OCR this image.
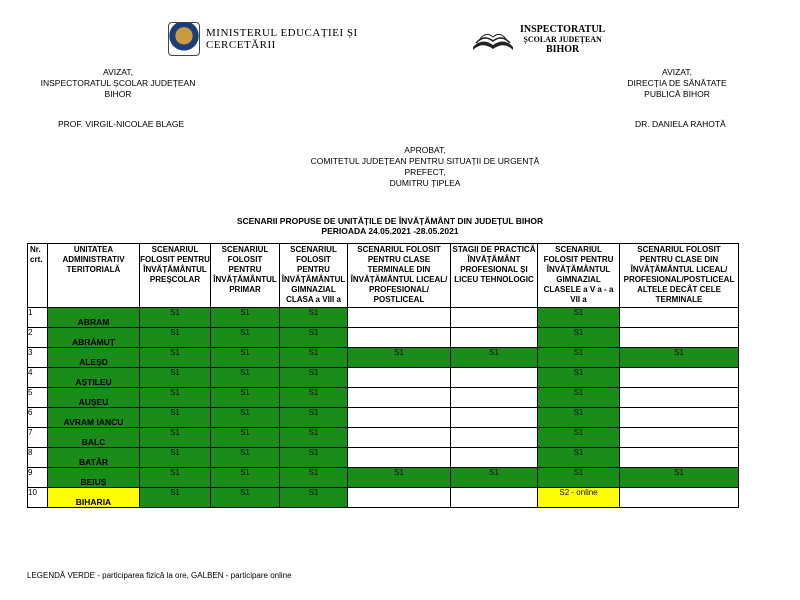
MINISTERUL EDUCAȚIEI ȘI CERCETĂRII
INSPECTORATUL
ȘCOLAR JUDEȚEAN
BIHOR
AVIZAT,
INSPECTORATUL ȘCOLAR JUDEȚEAN BIHOR
PROF. VIRGIL-NICOLAE BLAGE
AVIZAT,
DIRECȚIA DE SĂNĂTATE
PUBLICĂ BIHOR
DR. DANIELA RAHOTĂ
APROBAT,
COMITETUL JUDEȚEAN PENTRU SITUAȚII DE URGENȚĂ
PREFECT,
DUMITRU ȚIPLEA
SCENARII PROPUSE DE UNITĂȚILE DE ÎNVĂȚĂMÂNT DIN JUDEȚUL BIHOR
PERIOADA 24.05.2021 -28.05.2021
Nr. crt.	UNITATEA ADMINISTRATIV TERITORIALĂ	SCENARIUL FOLOSIT PENTRU ÎNVĂȚĂMÂNTUL PREȘCOLAR	SCENARIUL FOLOSIT PENTRU ÎNVĂȚĂMÂNTUL PRIMAR	SCENARIUL FOLOSIT PENTRU ÎNVĂȚĂMÂNTUL GIMNAZIAL CLASA a VIII a	SCENARIUL FOLOSIT PENTRU CLASE TERMINALE DIN ÎNVĂȚĂMÂNTUL LICEAL/ PROFESIONAL/ POSTLICEAL	STAGII DE PRACTICĂ ÎNVĂȚĂMÂNT PROFESIONAL ȘI LICEU TEHNOLOGIC	SCENARIUL FOLOSIT PENTRU ÎNVĂȚĂMÂNTUL GIMNAZIAL CLASELE a V a - a VII a	SCENARIUL FOLOSIT PENTRU CLASE DIN ÎNVĂȚĂMÂNTUL LICEAL/ PROFESIONAL/POSTLICEAL ALTELE DECÂT CELE TERMINALE
1	ABRAM	S1	S1	S1			S1	
2	ABRĂMUȚ	S1	S1	S1			S1	
3	ALEȘD	S1	S1	S1	S1	S1	S1	S1
4	AȘTILEU	S1	S1	S1			S1	
5	AUȘEU	S1	S1	S1			S1	
6	AVRAM IANCU	S1	S1	S1			S1	
7	BALC	S1	S1	S1			S1	
8	BATĂR	S1	S1	S1			S1	
9	BEIUȘ	S1	S1	S1	S1	S1	S1	S1
10	BIHARIA	S1	S1	S1			S2 - online	
LEGENDĂ VERDE - participarea fizică la ore, GALBEN - participare online
